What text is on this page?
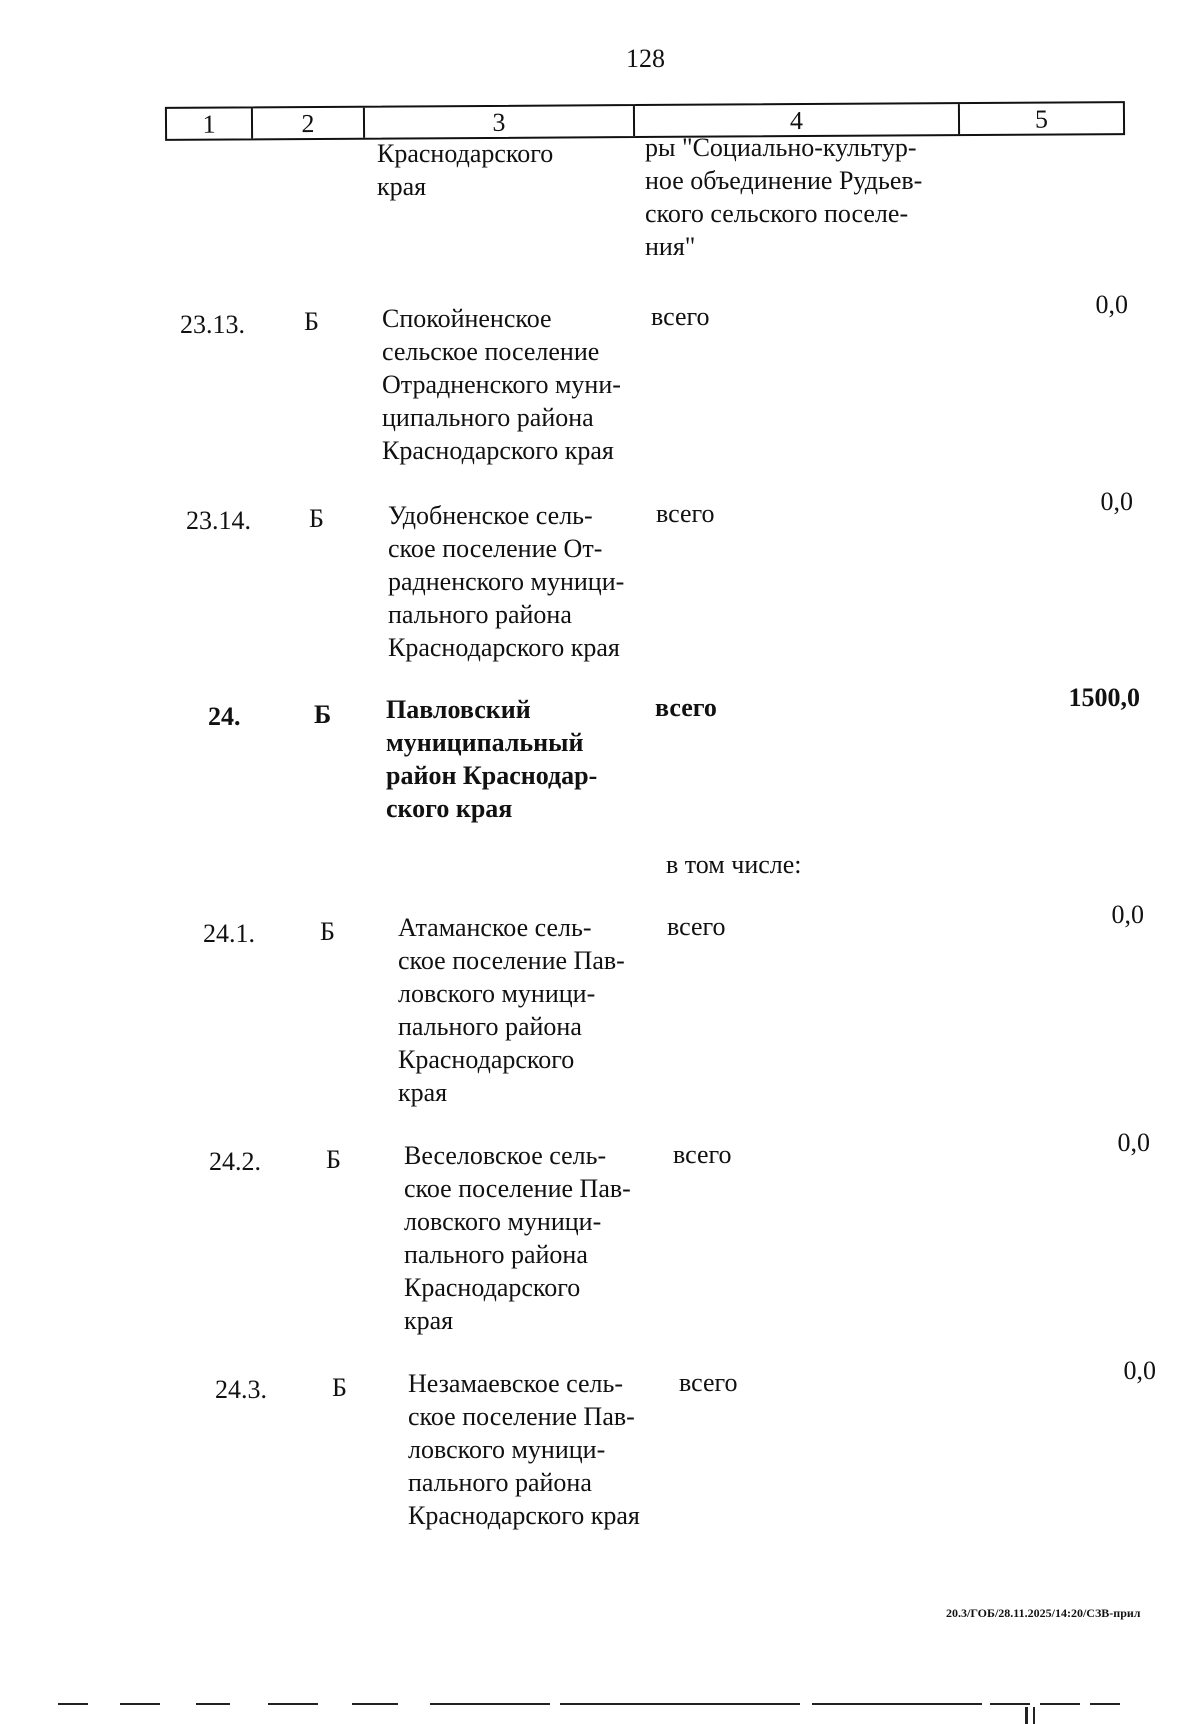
128
1	2	3	4	5
Краснодарского
края
ры "Социально-культур-
ное объединение Рудьев-
ского сельского поселе-
ния"
23.13. Б Спокойненское
сельское поселение
Отрадненского муни-
ципального района
Краснодарского края
всего	0,0
23.14. Б Удобненское сель-
ское поселение От-
радненского муници-
пального района
Краснодарского края
всего	0,0
24.	Б Павловский
муниципальный
район Краснодар-
ского края
всего	1500,0
в том числе:
24.1.	Б Атаманское сель-
ское поселение Пав-
ловского муници-
пального района
Краснодарского
края
всего	0,0
24.2.	Б Веселовское сель-
ское поселение Пав-
ловского муници-
пального района
Краснодарского
края
всего	0,0
24.3.	Б Незамаевское сель-
ское поселение Пав-
ловского муници-
пального района
Краснодарского края
всего	0,0
20.3/ГОБ/28.11.2025/14:20/СЗВ-прил
